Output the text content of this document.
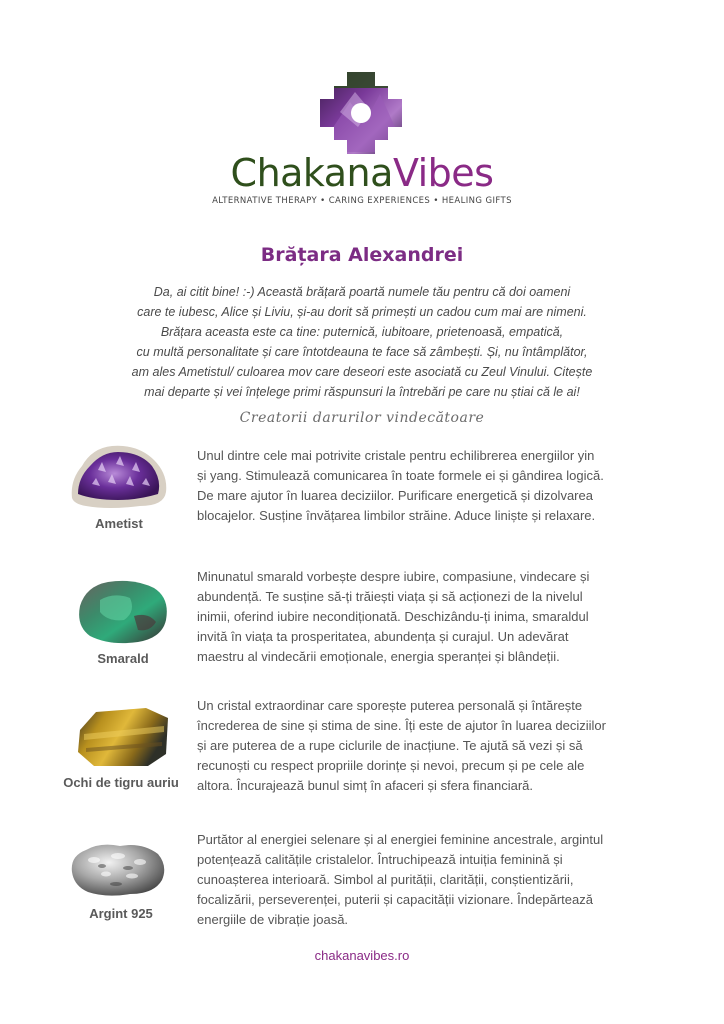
ChakanaVibes
ALTERNATIVE THERAPY • CARING EXPERIENCES • HEALING GIFTS
Brățara Alexandrei
Da, ai citit bine! :-) Această brățară poartă numele tău pentru că doi oameni
care te iubesc, Alice și Liviu, și-au dorit să primești un cadou cum mai are nimeni.
Brățara aceasta este ca tine: puternică, iubitoare, prietenoasă, empatică,
cu multă personalitate și care întotdeauna te face să zâmbești. Și, nu întâmplător,
am ales Ametistul/ culoarea mov care deseori este asociată cu Zeul Vinului. Citește
mai departe și vei înțelege primi răspunsuri la întrebări pe care nu știai că le ai!
Creatorii darurilor vindecătoare
Ametist
Unul dintre cele mai potrivite cristale pentru echilibrerea energiilor yin
și yang. Stimulează comunicarea în toate formele ei și gândirea logică.
De mare ajutor în luarea deciziilor. Purificare energetică și dizolvarea
blocajelor. Susține învățarea limbilor străine. Aduce liniște și relaxare.
Smarald
Minunatul smarald vorbește despre iubire, compasiune, vindecare și
abundență. Te susține să-ți trăiești viața și să acționezi de la nivelul
inimii, oferind iubire necondiționată. Deschizându-ți inima, smaraldul
invită în viața ta prosperitatea, abundența și curajul. Un adevărat
maestru al vindecării emoționale, energia speranței și blândeții.
Ochi de tigru auriu
Un cristal extraordinar care sporește puterea personală și întărește
încrederea de sine și stima de sine. Îți este de ajutor în luarea deciziilor
și are puterea de a rupe ciclurile de inacțiune. Te ajută să vezi și să
recunoști cu respect propriile dorințe și nevoi, precum și pe cele ale
altora. Încurajează bunul simț în afaceri și sfera financiară.
Argint 925
Purtător al energiei selenare și al energiei feminine ancestrale, argintul
potențează calitățile cristalelor. Întruchipează intuiția feminină și
cunoașterea interioară. Simbol al purității, clarității, conștientizării,
focalizării, perseverenței, puterii și capacității vizionare. Îndepărtează
energiile de vibrație joasă.
chakanavibes.ro
